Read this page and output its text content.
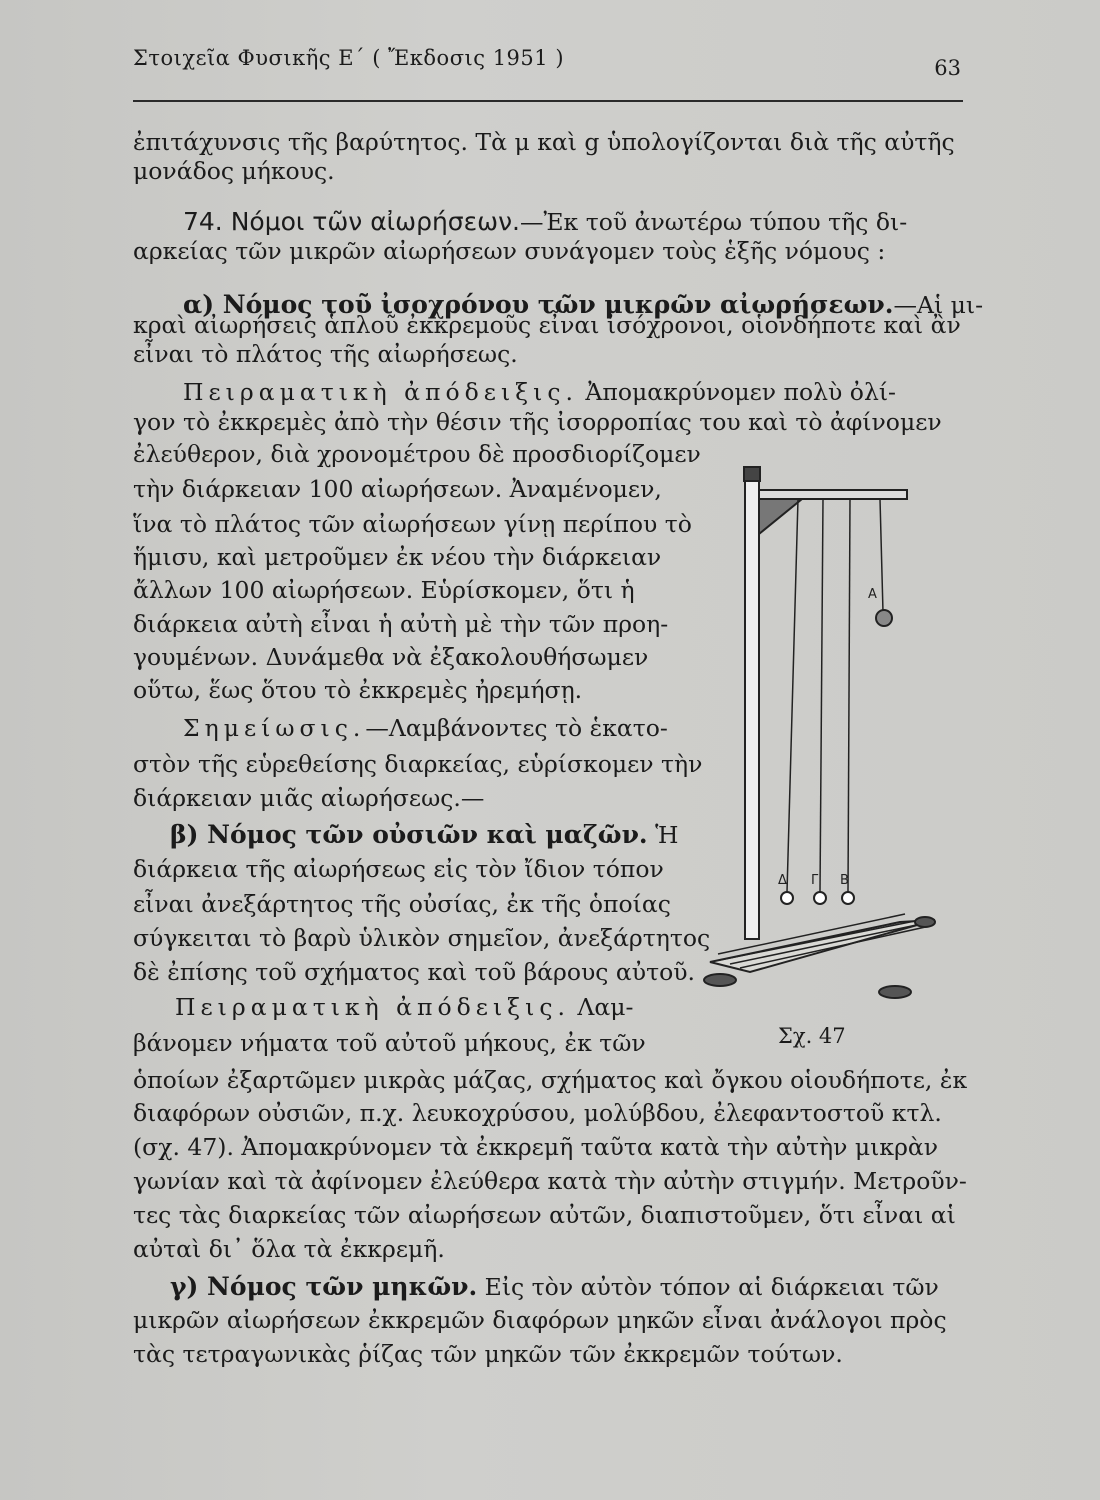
Στοιχεῖα Φυσικῆς Ε΄ ( Ἔκδοσις 1951 )	63
ἐπιτάχυνσις τῆς βαρύτητος. Τὰ μ καὶ g ὑπολογίζονται διὰ τῆς αὐτῆς
μονάδος μήκους.
74. Νόμοι τῶν αἰωρήσεων.—Ἐκ τοῦ ἀνωτέρω τύπου τῆς δι-
αρκείας τῶν μικρῶν αἰωρήσεων συνάγομεν τοὺς ἑξῆς νόμους :
α) Νόμος τοῦ ἰσοχρόνου τῶν μικρῶν αἰωρήσεων.—Αἱ μι-
κραὶ αἰωρήσεις ἁπλοῦ ἐκκρεμοῦς εἶναι ἰσόχρονοι, οἱονδήποτε καὶ ἂν
εἶναι τὸ πλάτος τῆς αἰωρήσεως.
Πειραματικὴ ἀπόδειξις. Ἀπομακρύνομεν πολὺ ὀλί-
γον τὸ ἐκκρεμὲς ἀπὸ τὴν θέσιν τῆς ἰσορροπίας του καὶ τὸ ἀφίνομεν
ἐλεύθερον, διὰ χρονομέτρου δὲ προσδιορίζομεν
τὴν διάρκειαν 100 αἰωρήσεων. Ἀναμένομεν,
ἵνα τὸ πλάτος τῶν αἰωρήσεων γίνῃ περίπου τὸ
ἥμισυ, καὶ μετροῦμεν ἐκ νέου τὴν διάρκειαν
ἄλλων 100 αἰωρήσεων. Εὑρίσκομεν, ὅτι ἡ
διάρκεια αὐτὴ εἶναι ἡ αὐτὴ μὲ τὴν τῶν προη-
γουμένων. Δυνάμεθα νὰ ἐξακολουθήσωμεν
οὕτω, ἕως ὅτου τὸ ἐκκρεμὲς ἠρεμήσῃ.
Σημείωσις.—Λαμβάνοντες τὸ ἑκατο-
στὸν τῆς εὑρεθείσης διαρκείας, εὑρίσκομεν τὴν
διάρκειαν μιᾶς αἰωρήσεως.—
β) Νόμος τῶν οὐσιῶν καὶ μαζῶν. Ἡ
διάρκεια τῆς αἰωρήσεως εἰς τὸν ἴδιον τόπον
εἶναι ἀνεξάρτητος τῆς οὐσίας, ἐκ τῆς ὁποίας
σύγκειται τὸ βαρὺ ὑλικὸν σημεῖον, ἀνεξάρτητος
δὲ ἐπίσης τοῦ σχήματος καὶ τοῦ βάρους αὐτοῦ.
Πειραματικὴ ἀπόδειξις. Λαμ-
βάνομεν νήματα τοῦ αὐτοῦ μήκους, ἐκ τῶν
ὁποίων ἐξαρτῶμεν μικρὰς μάζας, σχήματος καὶ ὄγκου οἱουδήποτε, ἐκ
διαφόρων οὐσιῶν, π.χ. λευκοχρύσου, μολύβδου, ἐλεφαντοστοῦ κτλ.
(σχ. 47). Ἀπομακρύνομεν τὰ ἐκκρεμῆ ταῦτα κατὰ τὴν αὐτὴν μικρὰν
γωνίαν καὶ τὰ ἀφίνομεν ἐλεύθερα κατὰ τὴν αὐτὴν στιγμήν. Μετροῦν-
τες τὰς διαρκείας τῶν αἰωρήσεων αὐτῶν, διαπιστοῦμεν, ὅτι εἶναι αἱ
αὐταὶ δι᾽ ὅλα τὰ ἐκκρεμῆ.
γ) Νόμος τῶν μηκῶν. Εἰς τὸν αὐτὸν τόπον αἱ διάρκειαι τῶν
μικρῶν αἰωρήσεων ἐκκρεμῶν διαφόρων μηκῶν εἶναι ἀνάλογοι πρὸς
τὰς τετραγωνικὰς ῥίζας τῶν μηκῶν τῶν ἐκκρεμῶν τούτων.
A
Δ Γ B
Σχ. 47
